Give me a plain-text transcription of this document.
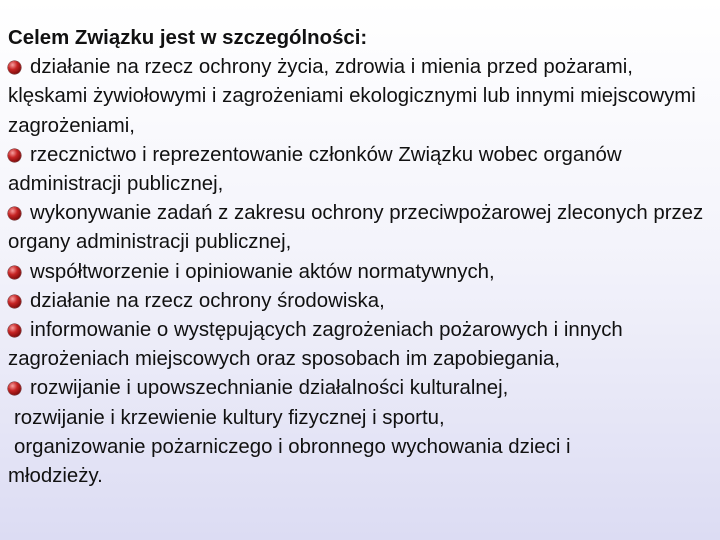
Celem Związku jest w szczególności:

działanie na rzecz ochrony życia, zdrowia i mienia przed pożarami, klęskami żywiołowymi i zagrożeniami ekologicznymi lub innymi miejscowymi zagrożeniami,

rzecznictwo i reprezentowanie członków Związku wobec organów administracji publicznej,

wykonywanie zadań z zakresu ochrony przeciwpożarowej zleconych przez organy administracji publicznej,

współtworzenie i opiniowanie aktów normatywnych,

działanie na rzecz ochrony środowiska,

informowanie o występujących zagrożeniach pożarowych i innych zagrożeniach miejscowych oraz sposobach im zapobiegania,

rozwijanie i upowszechnianie działalności kulturalnej,

rozwijanie i krzewienie kultury fizycznej i sportu,

organizowanie pożarniczego i obronnego wychowania dzieci i

młodzieży.
